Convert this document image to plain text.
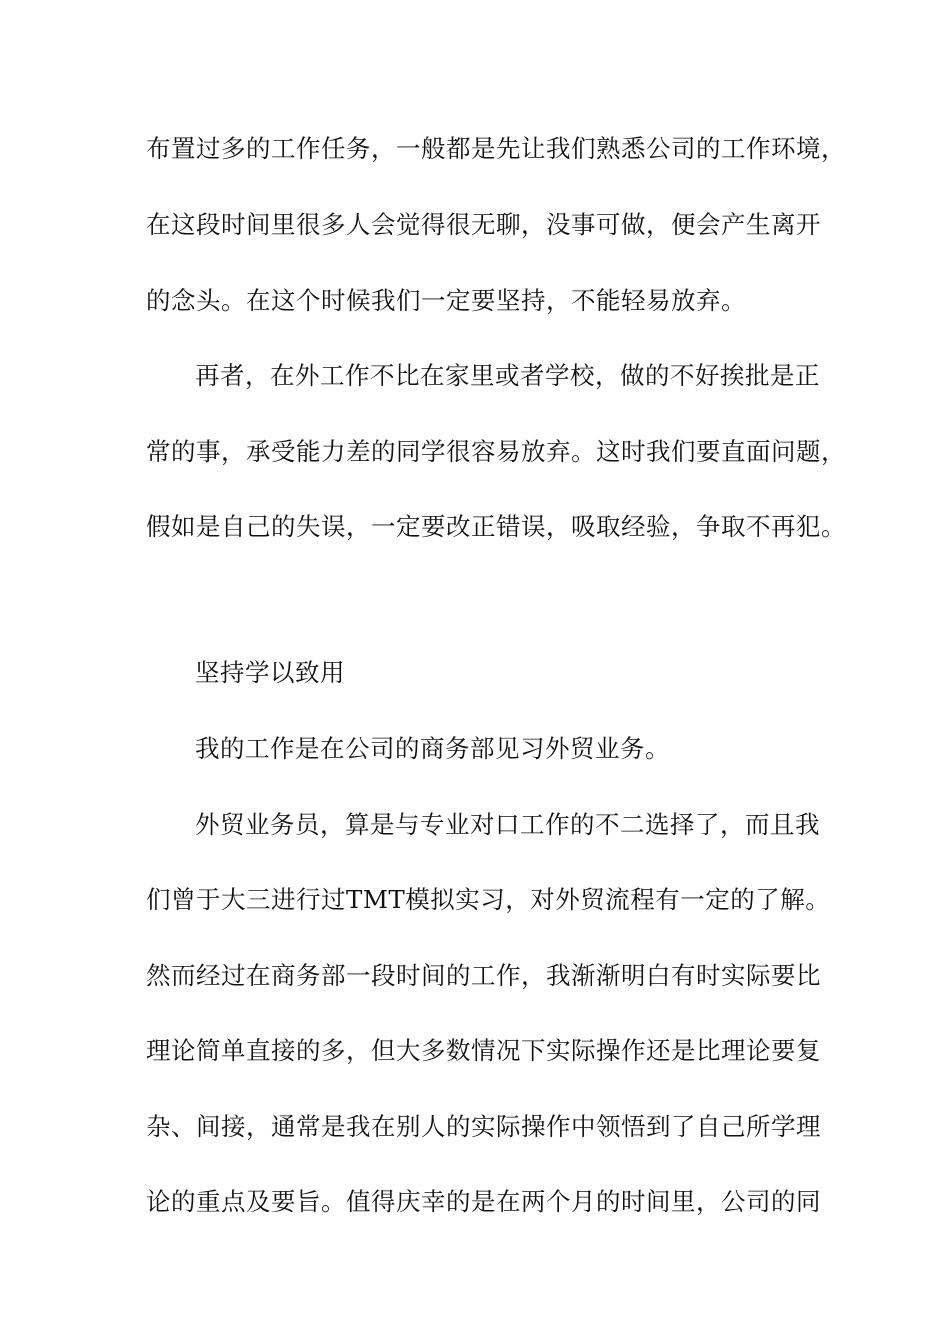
布置过多的工作任务，一般都是先让我们熟悉公司的工作环境，
在这段时间里很多人会觉得很无聊，没事可做，便会产生离开
的念头。在这个时候我们一定要坚持，不能轻易放弃。
再者，在外工作不比在家里或者学校，做的不好挨批是正
常的事，承受能力差的同学很容易放弃。这时我们要直面问题，
假如是自己的失误，一定要改正错误，吸取经验，争取不再犯。
坚持学以致用
我的工作是在公司的商务部见习外贸业务。
外贸业务员，算是与专业对口工作的不二选择了，而且我
们曾于大三进行过TMT模拟实习，对外贸流程有一定的了解。
然而经过在商务部一段时间的工作，我渐渐明白有时实际要比
理论简单直接的多，但大多数情况下实际操作还是比理论要复
杂、间接，通常是我在别人的实际操作中领悟到了自己所学理
论的重点及要旨。值得庆幸的是在两个月的时间里，公司的同
